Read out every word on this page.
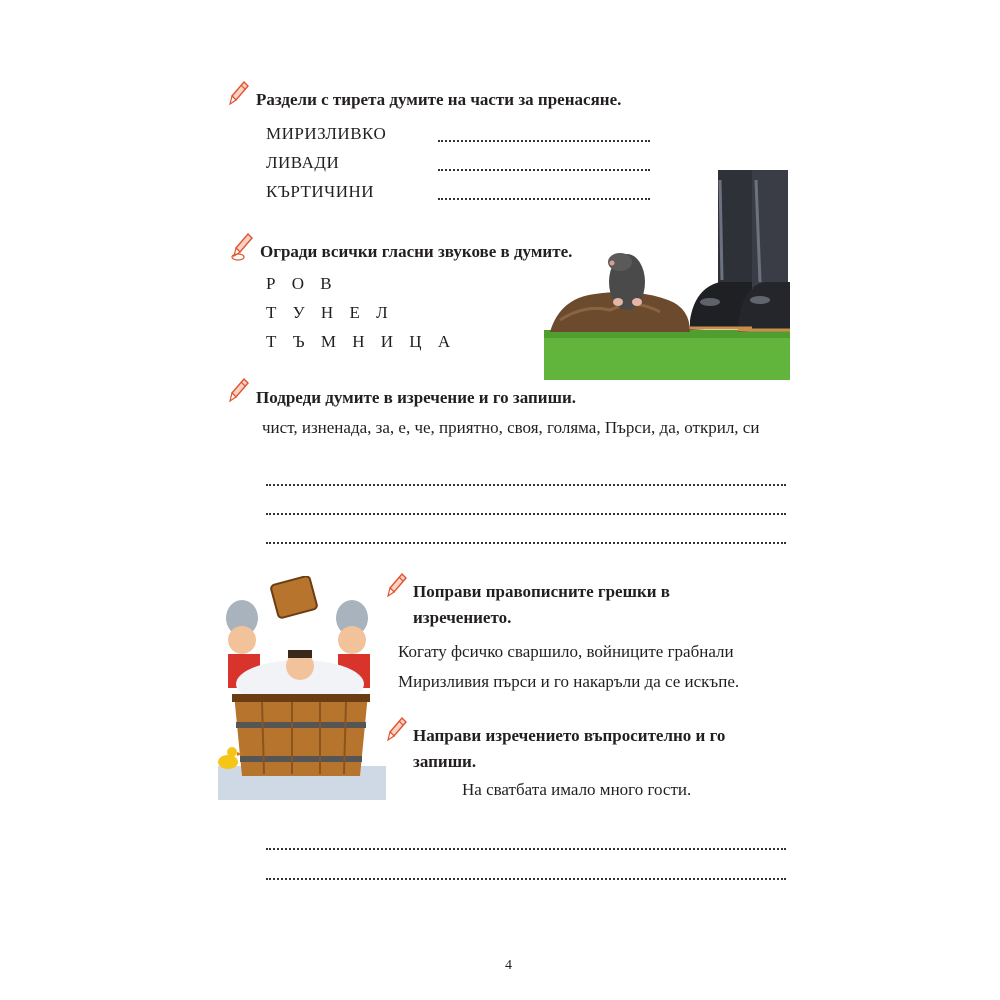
Раздели с тирета думите на части за пренасяне.
МИРИЗЛИВКО
ЛИВАДИ
КЪРТИЧИНИ
Огради всички гласни звукове в думите.
Р О В
Т У Н Е Л
Т Ъ М Н И Ц А
Подреди думите в изречение и го запиши.
чист, изненада, за, е, че, приятно, своя, голяма, Пърси, да, открил, си
Поправи правописните грешки в
изречението.
Когату фсичко сваршило, войниците грабнали
Миризливия пърси и го накаръли да се искъпе.
Направи изречението въпросително и го
запиши.
На сватбата имало много гости.
4
